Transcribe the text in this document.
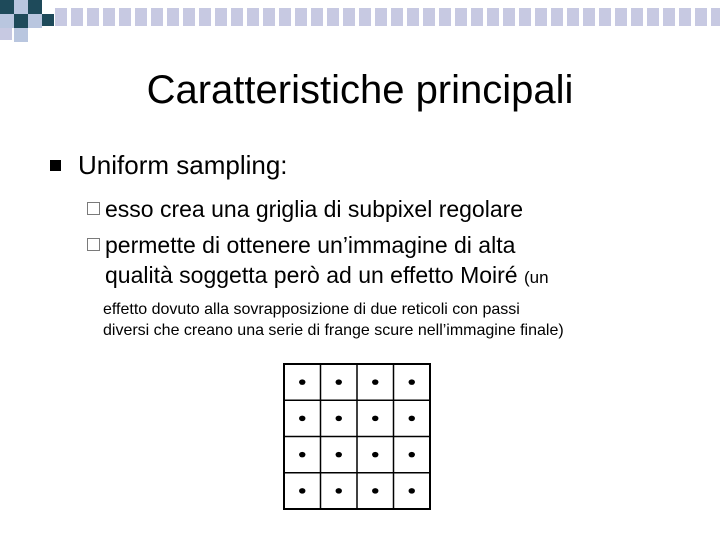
Caratteristiche principali
Uniform sampling:
esso crea una griglia di subpixel regolare
permette di ottenere un’immagine di alta
qualità soggetta però ad un effetto Moiré (un
effetto dovuto alla sovrapposizione di due reticoli con passi
diversi che creano una serie di frange scure nell’immagine finale)
